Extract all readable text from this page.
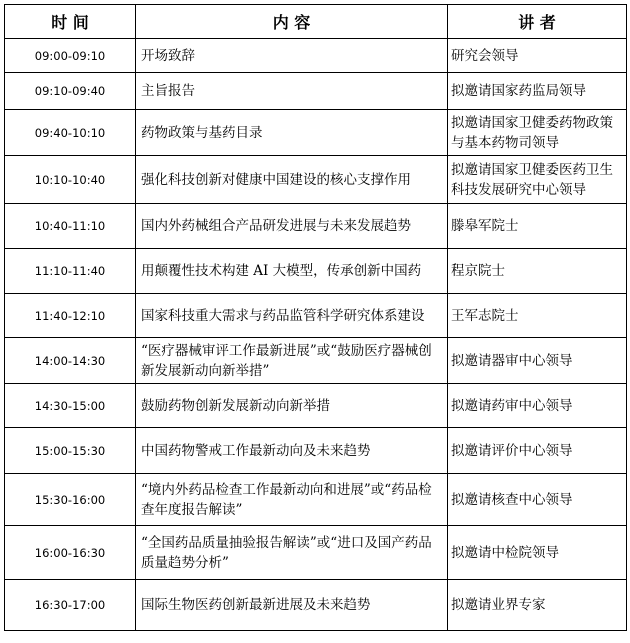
时 间	内 容	讲 者
09:00-09:10	开场致辞	研究会领导
09:10-09:40	主旨报告	拟邀请国家药监局领导
09:40-10:10	药物政策与基药目录	拟邀请国家卫健委药物政策与基本药物司领导
10:10-10:40	强化科技创新对健康中国建设的核心支撑作用	拟邀请国家卫健委医药卫生科技发展研究中心领导
10:40-11:10	国内外药械组合产品研发进展与未来发展趋势	滕皋军院士
11:10-11:40	用颠覆性技术构建 AI 大模型，传承创新中国药	程京院士
11:40-12:10	国家科技重大需求与药品监管科学研究体系建设	王军志院士
14:00-14:30	“医疗器械审评工作最新进展”或“鼓励医疗器械创新发展新动向新举措”	拟邀请器审中心领导
14:30-15:00	鼓励药物创新发展新动向新举措	拟邀请药审中心领导
15:00-15:30	中国药物警戒工作最新动向及未来趋势	拟邀请评价中心领导
15:30-16:00	“境内外药品检查工作最新动向和进展”或“药品检查年度报告解读”	拟邀请核查中心领导
16:00-16:30	“全国药品质量抽验报告解读”或“进口及国产药品质量趋势分析”	拟邀请中检院领导
16:30-17:00	国际生物医药创新最新进展及未来趋势	拟邀请业界专家
